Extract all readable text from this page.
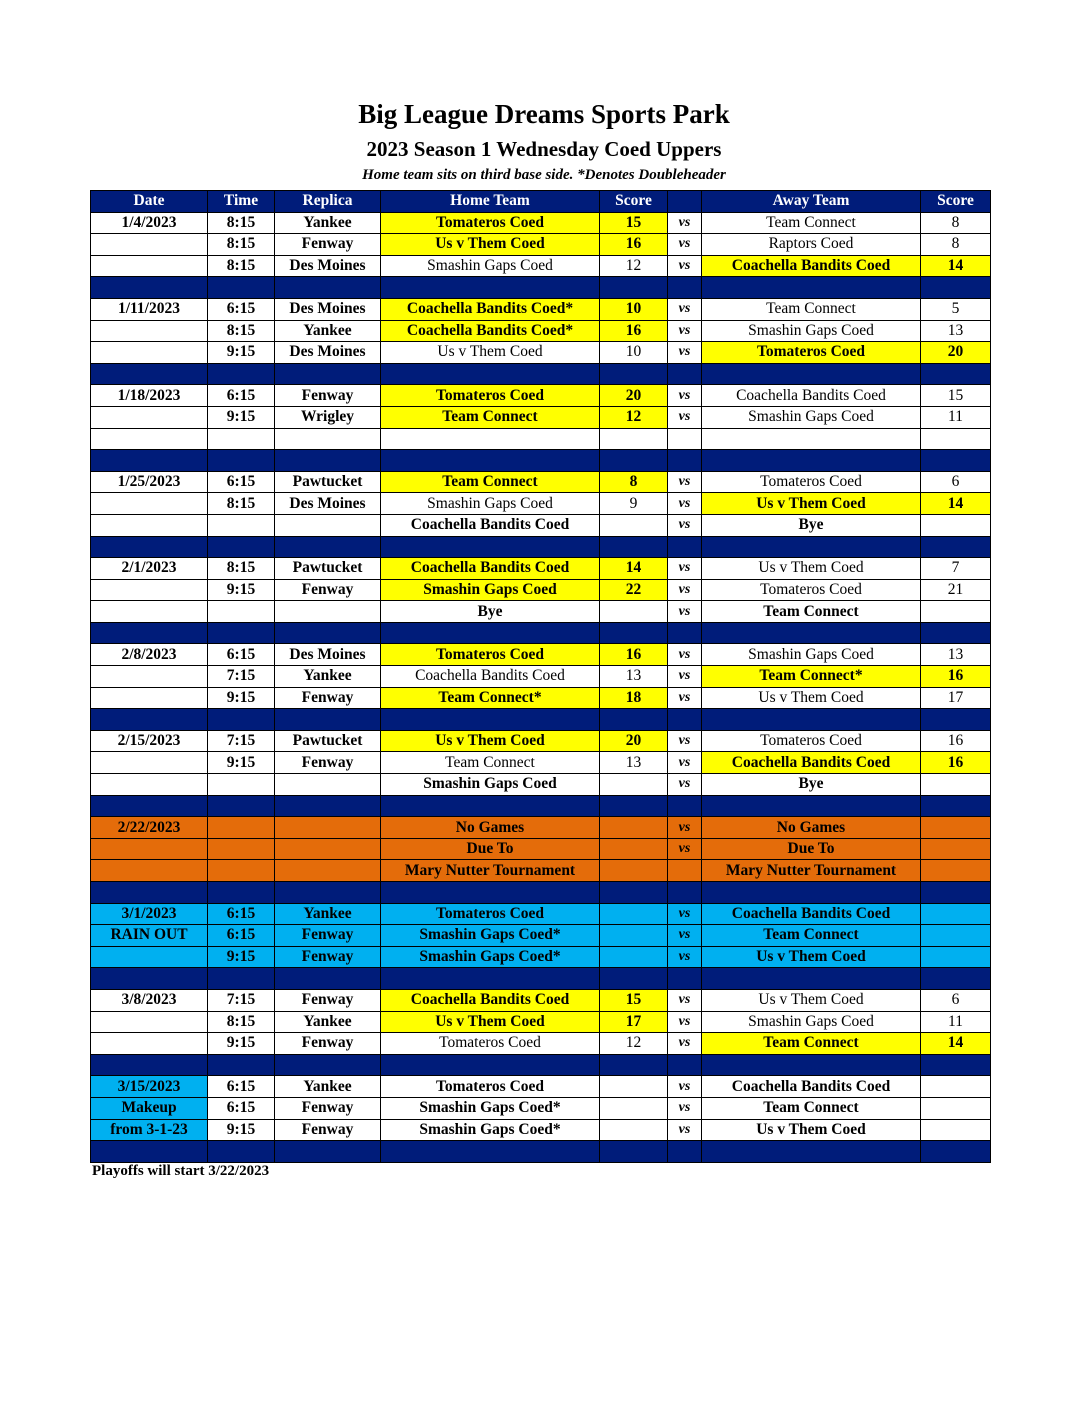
Big League Dreams Sports Park
2023 Season 1 Wednesday Coed Uppers
Home team sits on third base side. *Denotes Doubleheader
Date	Time	Replica	Home Team	Score		Away Team	Score
1/4/2023	8:15	Yankee	Tomateros Coed	15	vs	Team Connect	8
	8:15	Fenway	Us v Them Coed	16	vs	Raptors Coed	8
	8:15	Des Moines	Smashin Gaps Coed	12	vs	Coachella Bandits Coed	14

1/11/2023	6:15	Des Moines	Coachella Bandits Coed*	10	vs	Team Connect	5
	8:15	Yankee	Coachella Bandits Coed*	16	vs	Smashin Gaps Coed	13
	9:15	Des Moines	Us v Them Coed	10	vs	Tomateros Coed	20

1/18/2023	6:15	Fenway	Tomateros Coed	20	vs	Coachella Bandits Coed	15
	9:15	Wrigley	Team Connect	12	vs	Smashin Gaps Coed	11

1/25/2023	6:15	Pawtucket	Team Connect	8	vs	Tomateros Coed	6
	8:15	Des Moines	Smashin Gaps Coed	9	vs	Us v Them Coed	14
			Coachella Bandits Coed		vs	Bye	

2/1/2023	8:15	Pawtucket	Coachella Bandits Coed	14	vs	Us v Them Coed	7
	9:15	Fenway	Smashin Gaps Coed	22	vs	Tomateros Coed	21
			Bye		vs	Team Connect	

2/8/2023	6:15	Des Moines	Tomateros Coed	16	vs	Smashin Gaps Coed	13
	7:15	Yankee	Coachella Bandits Coed	13	vs	Team Connect*	16
	9:15	Fenway	Team Connect*	18	vs	Us v Them Coed	17

2/15/2023	7:15	Pawtucket	Us v Them Coed	20	vs	Tomateros Coed	16
	9:15	Fenway	Team Connect	13	vs	Coachella Bandits Coed	16
			Smashin Gaps Coed		vs	Bye	

2/22/2023			No Games		vs	No Games	
			Due To		vs	Due To	
			Mary Nutter Tournament			Mary Nutter Tournament	

3/1/2023	6:15	Yankee	Tomateros Coed		vs	Coachella Bandits Coed	
RAIN OUT	6:15	Fenway	Smashin Gaps Coed*		vs	Team Connect	
	9:15	Fenway	Smashin Gaps Coed*		vs	Us v Them Coed	

3/8/2023	7:15	Fenway	Coachella Bandits Coed	15	vs	Us v Them Coed	6
	8:15	Yankee	Us v Them Coed	17	vs	Smashin Gaps Coed	11
	9:15	Fenway	Tomateros Coed	12	vs	Team Connect	14

3/15/2023	6:15	Yankee	Tomateros Coed		vs	Coachella Bandits Coed	
Makeup	6:15	Fenway	Smashin Gaps Coed*		vs	Team Connect	
from 3-1-23	9:15	Fenway	Smashin Gaps Coed*		vs	Us v Them Coed	

Playoffs will start 3/22/2023
